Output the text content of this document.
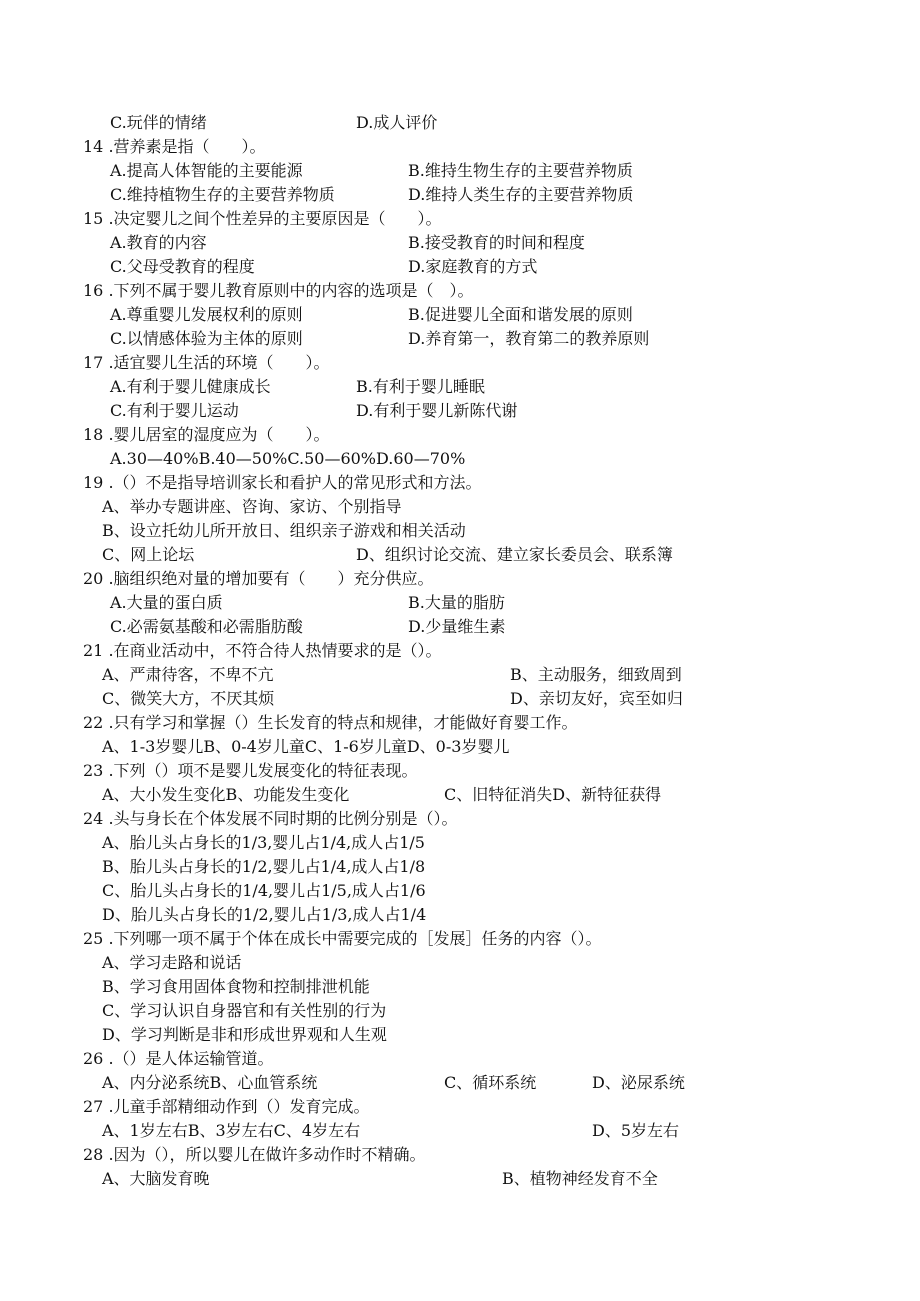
C.玩伴的情绪	D.成人评价
14 .营养素是指（　　）。
A.提高人体智能的主要能源	B.维持生物生存的主要营养物质
C.维持植物生存的主要营养物质	D.维持人类生存的主要营养物质
15 .决定婴儿之间个性差异的主要原因是（　　）。
A.教育的内容	B.接受教育的时间和程度
C.父母受教育的程度	D.家庭教育的方式
16 .下列不属于婴儿教育原则中的内容的选项是（　）。
A.尊重婴儿发展权利的原则	B.促进婴儿全面和谐发展的原则
C.以情感体验为主体的原则	D.养育第一，教育第二的教养原则
17 .适宜婴儿生活的环境（　　）。
A.有利于婴儿健康成长	B.有利于婴儿睡眠
C.有利于婴儿运动	D.有利于婴儿新陈代谢
18 .婴儿居室的湿度应为（　　）。
A.30—40%B.40—50%C.50—60%D.60—70%
19 .（）不是指导培训家长和看护人的常见形式和方法。
A、举办专题讲座、咨询、家访、个别指导
B、设立托幼儿所开放日、组织亲子游戏和相关活动
C、网上论坛	D、组织讨论交流、建立家长委员会、联系簿
20 .脑组织绝对量的增加要有（　　）充分供应。
A.大量的蛋白质	B.大量的脂肪
C.必需氨基酸和必需脂肪酸	D.少量维生素
21 .在商业活动中，不符合待人热情要求的是（）。
A、严肃待客，不卑不亢	B、主动服务，细致周到
C、微笑大方，不厌其烦	D、亲切友好，宾至如归
22 .只有学习和掌握（）生长发育的特点和规律，才能做好育婴工作。
A、1-3岁婴儿B、0-4岁儿童C、1-6岁儿童D、0-3岁婴儿
23 .下列（）项不是婴儿发展变化的特征表现。
A、大小发生变化B、功能发生变化	C、旧特征消失D、新特征获得
24 .头与身长在个体发展不同时期的比例分别是（）。
A、胎儿头占身长的1/3,婴儿占1/4,成人占1/5
B、胎儿头占身长的1/2,婴儿占1/4,成人占1/8
C、胎儿头占身长的1/4,婴儿占1/5,成人占1/6
D、胎儿头占身长的1/2,婴儿占1/3,成人占1/4
25 .下列哪一项不属于个体在成长中需要完成的［发展］任务的内容（）。
A、学习走路和说话
B、学习食用固体食物和控制排泄机能
C、学习认识自身器官和有关性别的行为
D、学习判断是非和形成世界观和人生观
26 .（）是人体运输管道。
A、内分泌系统B、心血管系统	C、循环系统	D、泌尿系统
27 .儿童手部精细动作到（）发育完成。
A、1岁左右B、3岁左右C、4岁左右	D、5岁左右
28 .因为（），所以婴儿在做许多动作时不精确。
A、大脑发育晚	B、植物神经发育不全
